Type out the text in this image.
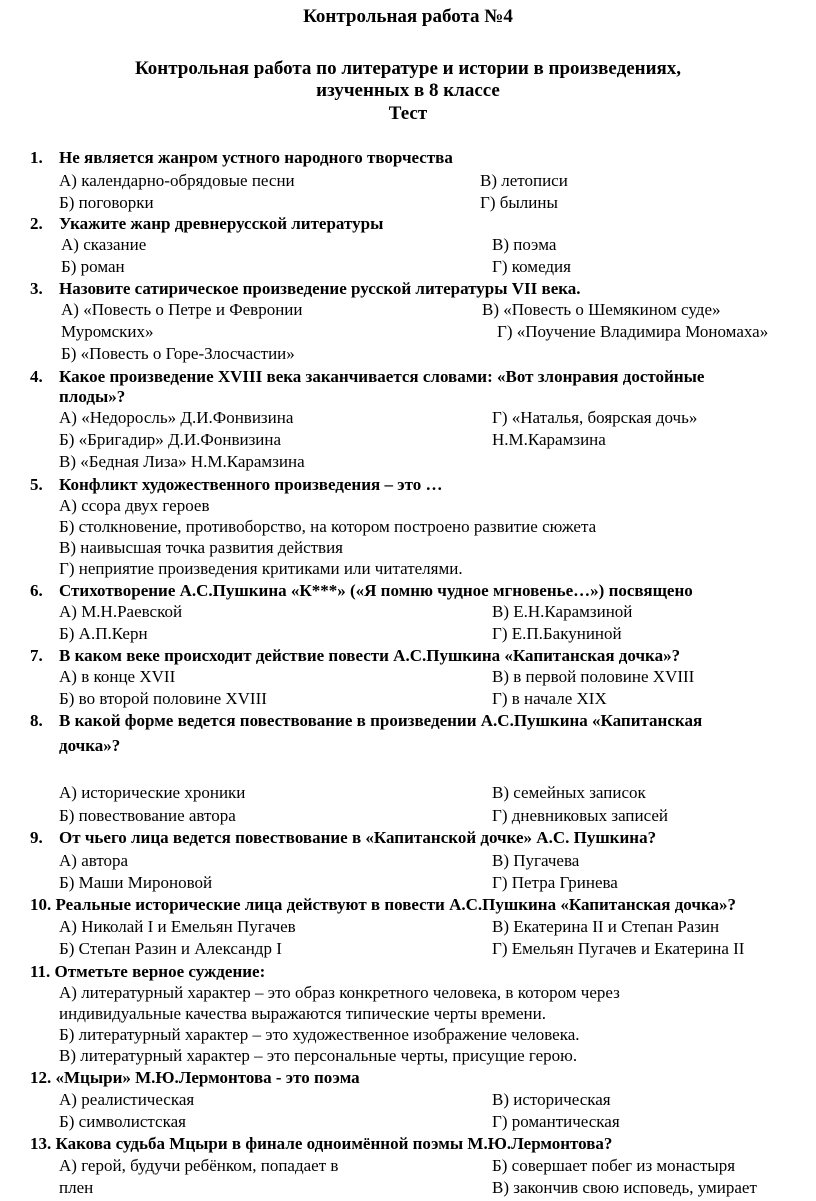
Контрольная работа №4
Контрольная работа по литературе и истории в произведениях,
изученных в 8 классе
Тест
1. Не является жанром устного народного творчества
А) календарно-обрядовые песни	В) летописи
Б) поговорки	Г) былины
2. Укажите жанр древнерусской литературы
А) сказание	В) поэма
Б) роман	Г) комедия
3. Назовите сатирическое произведение русской литературы VII века.
А) «Повесть о Петре и Февронии	В) «Повесть о Шемякином суде»
Муромских»	Г) «Поучение Владимира Мономаха»
Б) «Повесть о Горе-Злосчастии»
4. Какое произведение XVIII века заканчивается словами: «Вот злонравия достойные
плоды»?
А) «Недоросль» Д.И.Фонвизина	Г) «Наталья, боярская дочь»
Б) «Бригадир» Д.И.Фонвизина	Н.М.Карамзина
В) «Бедная Лиза» Н.М.Карамзина
5. Конфликт художественного произведения – это …
А) ссора двух героев
Б) столкновение, противоборство, на котором построено развитие сюжета
В) наивысшая точка развития действия
Г) неприятие произведения критиками или читателями.
6. Стихотворение А.С.Пушкина «К***» («Я помню чудное мгновенье…») посвящено
А) М.Н.Раевской	В) Е.Н.Карамзиной
Б) А.П.Керн	Г) Е.П.Бакуниной
7. В каком веке происходит действие повести А.С.Пушкина «Капитанская дочка»?
А) в конце XVII	В) в первой половине XVIII
Б) во второй половине XVIII	Г) в начале XIX
8. В какой форме ведется повествование в произведении А.С.Пушкина «Капитанская
дочка»?
А) исторические хроники	В) семейных записок
Б) повествование автора	Г) дневниковых записей
9. От чьего лица ведется повествование в «Капитанской дочке» А.С. Пушкина?
А) автора	В) Пугачева
Б) Маши Мироновой	Г) Петра Гринева
10. Реальные исторические лица действуют в повести А.С.Пушкина «Капитанская дочка»?
А) Николай I и Емельян Пугачев	В) Екатерина II и Степан Разин
Б) Степан Разин и Александр I	Г) Емельян Пугачев и Екатерина II
11. Отметьте верное суждение:
А) литературный характер – это образ конкретного человека, в котором через
индивидуальные качества выражаются типические черты времени.
Б) литературный характер – это художественное изображение человека.
В) литературный характер – это персональные черты, присущие герою.
12. «Мцыри» М.Ю.Лермонтова - это поэма
А) реалистическая	В) историческая
Б) символистская	Г) романтическая
13. Какова судьба Мцыри в финале одноимённой поэмы М.Ю.Лермонтова?
А) герой, будучи ребёнком, попадает в	Б) совершает побег из монастыря
плен	В) закончив свою исповедь, умирает
